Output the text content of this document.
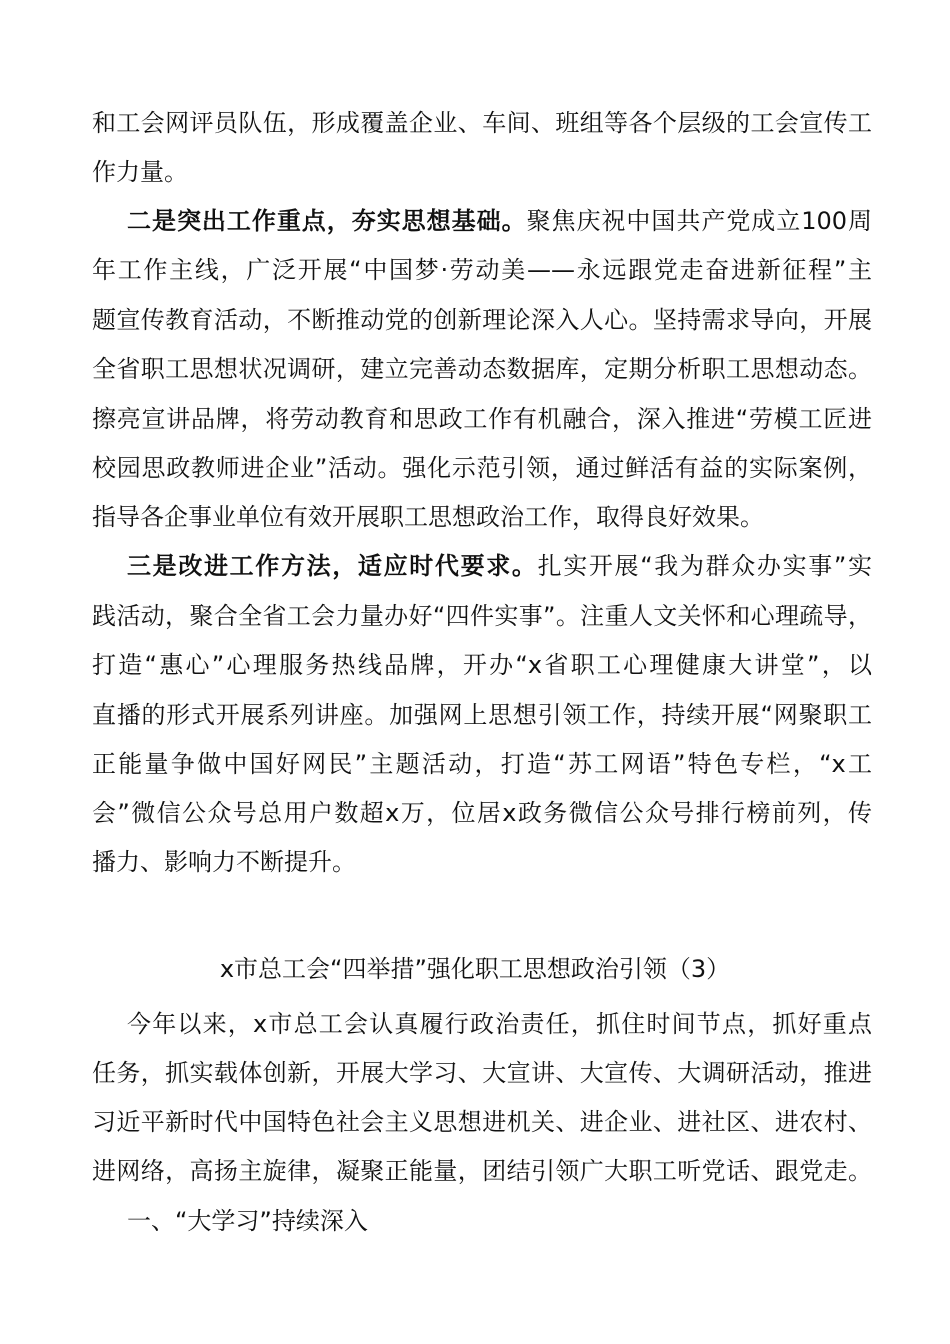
和工会网评员队伍，形成覆盖企业、车间、班组等各个层级的工会宣传工
作力量。
二是突出工作重点，夯实思想基础。聚焦庆祝中国共产党成立100周
年工作主线，广泛开展“中国梦·劳动美——永远跟党走奋进新征程”主
题宣传教育活动，不断推动党的创新理论深入人心。坚持需求导向，开展
全省职工思想状况调研，建立完善动态数据库，定期分析职工思想动态。
擦亮宣讲品牌，将劳动教育和思政工作有机融合，深入推进“劳模工匠进
校园思政教师进企业”活动。强化示范引领，通过鲜活有益的实际案例，
指导各企事业单位有效开展职工思想政治工作，取得良好效果。
三是改进工作方法，适应时代要求。扎实开展“我为群众办实事”实
践活动，聚合全省工会力量办好“四件实事”。注重人文关怀和心理疏导，
打造“惠心”心理服务热线品牌，开办“x省职工心理健康大讲堂”，以
直播的形式开展系列讲座。加强网上思想引领工作，持续开展“网聚职工
正能量争做中国好网民”主题活动，打造“苏工网语”特色专栏，“x工
会”微信公众号总用户数超x万，位居x政务微信公众号排行榜前列，传
播力、影响力不断提升。
x市总工会“四举措”强化职工思想政治引领（3）
今年以来，x市总工会认真履行政治责任，抓住时间节点，抓好重点
任务，抓实载体创新，开展大学习、大宣讲、大宣传、大调研活动，推进
习近平新时代中国特色社会主义思想进机关、进企业、进社区、进农村、
进网络，高扬主旋律，凝聚正能量，团结引领广大职工听党话、跟党走。
一、“大学习”持续深入
